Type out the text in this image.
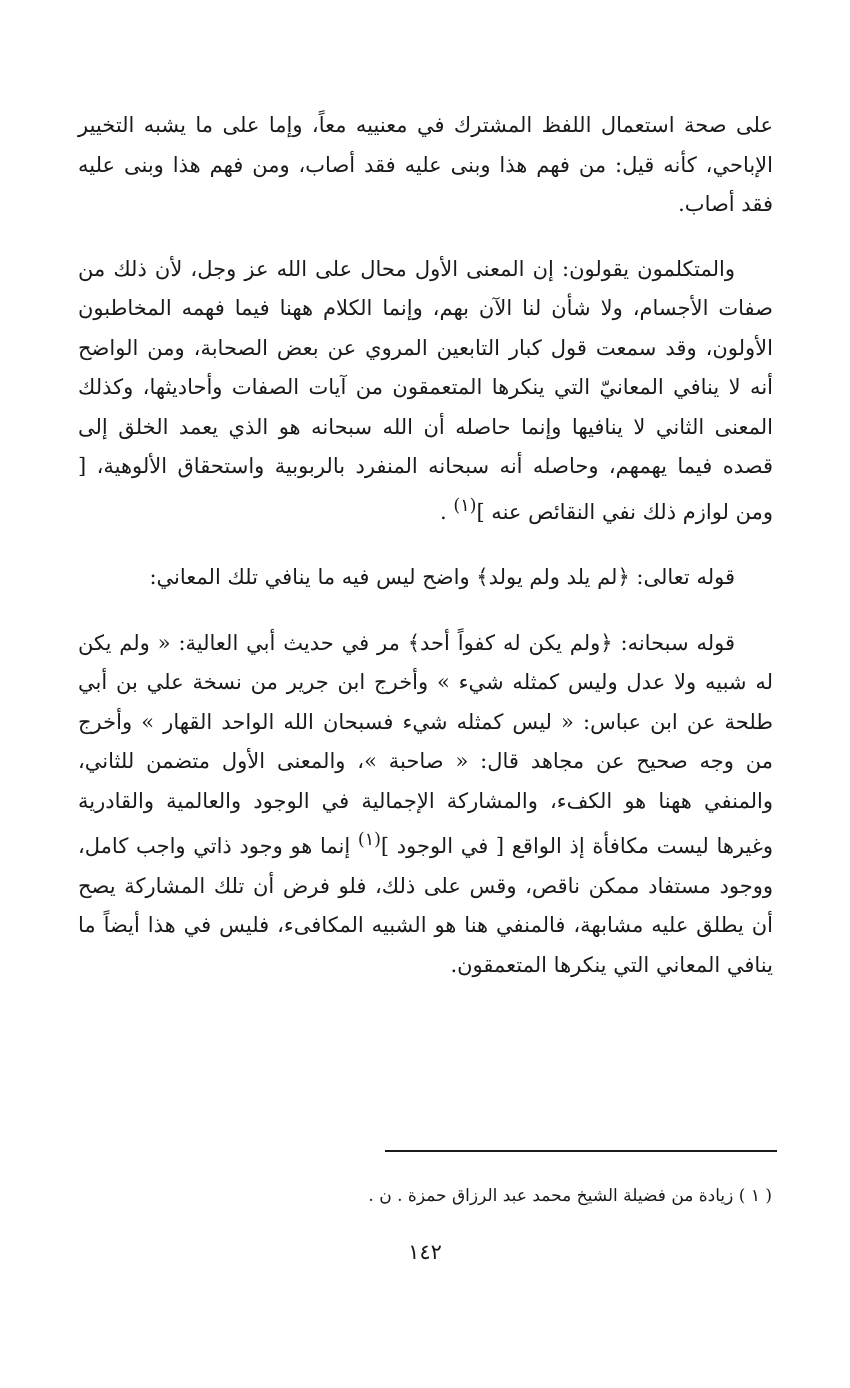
على صحة استعمال اللفظ المشترك في معنييه معاً، وإما على ما يشبه التخيير الإباحي، كأنه قيل: من فهم هذا وبنى عليه فقد أصاب، ومن فهم هذا وبنى عليه فقد أصاب.

والمتكلمون يقولون: إن المعنى الأول محال على الله عز وجل، لأن ذلك من صفات الأجسام، ولا شأن لنا الآن بهم، وإنما الكلام ههنا فيما فهمه المخاطبون الأولون، وقد سمعت قول كبار التابعين المروي عن بعض الصحابة، ومن الواضح أنه لا ينافي المعانيّ التي ينكرها المتعمقون من آيات الصفات وأحاديثها، وكذلك المعنى الثاني لا ينافيها وإنما حاصله أن الله سبحانه هو الذي يعمد الخلق إلى قصده فيما يهمهم، وحاصله أنه سبحانه المنفرد بالربوبية واستحقاق الألوهية، [ ومن لوازم ذلك نفي النقائص عنه ]$^{(١)}$ .

قوله تعالى: ﴿لم يلد ولم يولد﴾ واضح ليس فيه ما ينافي تلك المعاني:

قوله سبحانه: ﴿ولم يكن له كفواً أحد﴾ مر في حديث أبي العالية: « ولم يكن له شبيه ولا عدل وليس كمثله شيء » وأخرج ابن جرير من نسخة علي بن أبي طلحة عن ابن عباس: « ليس كمثله شيء فسبحان الله الواحد القهار » وأخرج من وجه صحيح عن مجاهد قال: « صاحبة »، والمعنى الأول متضمن للثاني، والمنفي ههنا هو الكفء، والمشاركة الإجمالية في الوجود والعالمية والقادرية وغيرها ليست مكافأة إذ الواقع [ في الوجود ]$^{(١)}$ إنما هو وجود ذاتي واجب كامل، ووجود مستفاد ممكن ناقص، وقس على ذلك، فلو فرض أن تلك المشاركة يصح أن يطلق عليه مشابهة، فالمنفي هنا هو الشبيه المكافىء، فليس في هذا أيضاً ما ينافي المعاني التي ينكرها المتعمقون.

( ١ ) زيادة من فضيلة الشيخ محمد عبد الرزاق حمزة . ن .
١٤٢
